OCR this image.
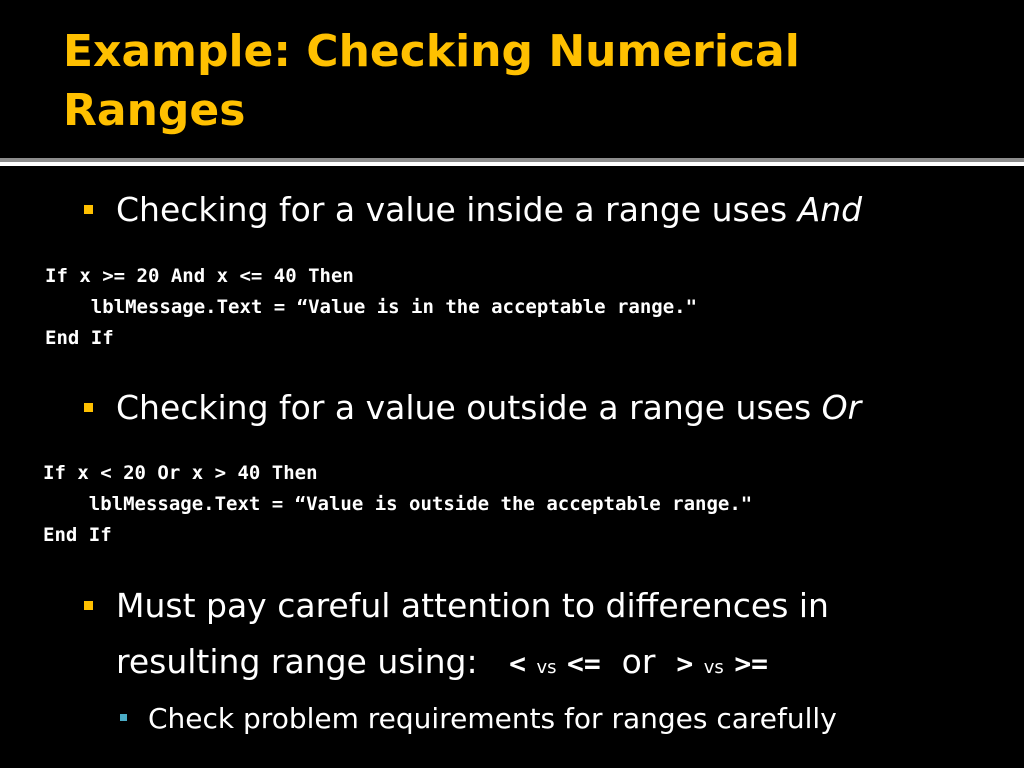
Example: Checking Numerical
Ranges

Checking for a value inside a range uses And

If x >= 20 And x <= 40 Then
lblMessage.Text = “Value is in the acceptable range."
End If

Checking for a value outside a range uses Or

If x < 20 Or x > 40 Then
lblMessage.Text = “Value is outside the acceptable range."
End If

Must pay careful attention to differences in
resulting range using: < vs <= or > vs >=

Check problem requirements for ranges carefully
